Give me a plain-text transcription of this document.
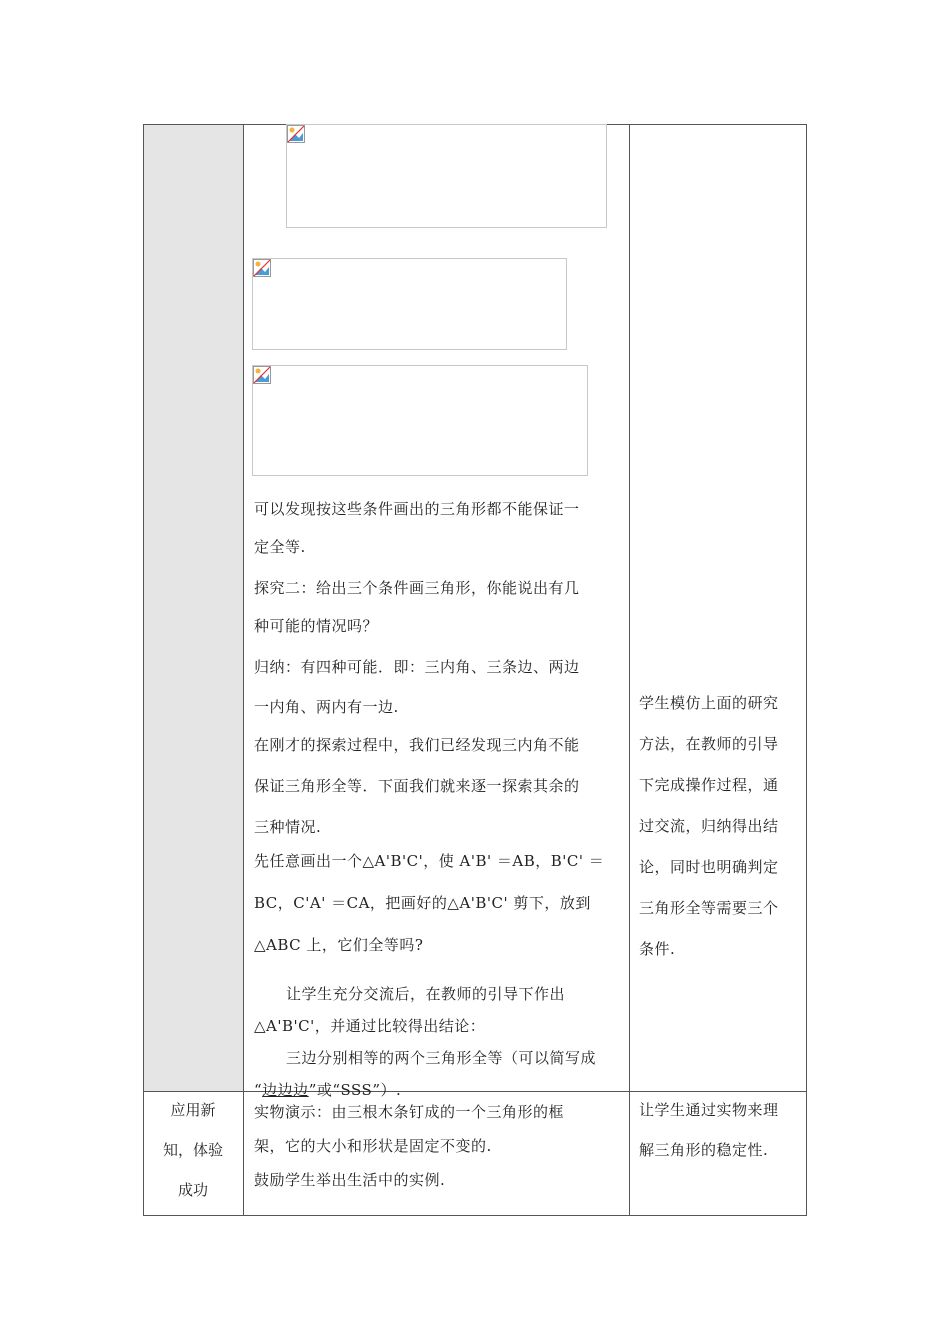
可以发现按这些条件画出的三角形都不能保证一
定全等.
探究二：给出三个条件画三角形，你能说出有几
种可能的情况吗？
归纳：有四种可能．即：三内角、三条边、两边
一内角、两内有一边.
在刚才的探索过程中，我们已经发现三内角不能
保证三角形全等．下面我们就来逐一探索其余的
三种情况.
先任意画出一个△A'B'C'，使 A'B' ＝AB，B'C' ＝
BC，C'A' ＝CA，把画好的△A'B'C' 剪下，放到
△ABC 上，它们全等吗?
让学生充分交流后，在教师的引导下作出
△A'B'C'，并通过比较得出结论：
三边分别相等的两个三角形全等（可以简写成
“边边边”或“SSS”）.
实物演示：由三根木条钉成的一个三角形的框
架，它的大小和形状是固定不变的.
鼓励学生举出生活中的实例.
应用新
知，体验
成功
学生模仿上面的研究
方法，在教师的引导
下完成操作过程，通
过交流，归纳得出结
论，同时也明确判定
三角形全等需要三个
条件.
让学生通过实物来理
解三角形的稳定性.
